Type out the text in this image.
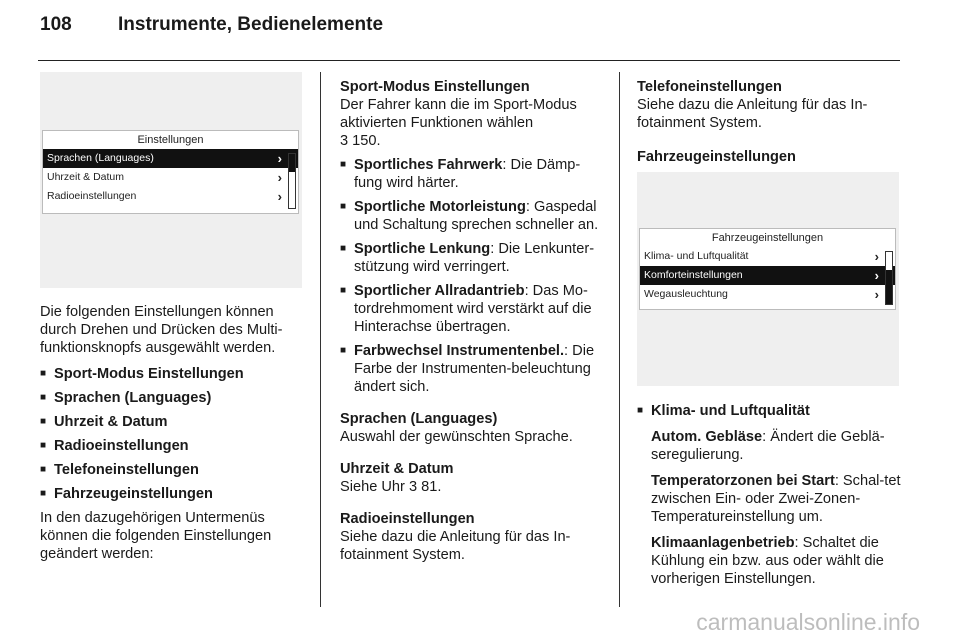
108 Instrumente, Bedienelemente
Einstellungen
Sprachen (Languages)	›
Uhrzeit & Datum	›
Radioeinstellungen	›

Die folgenden Einstellungen können durch Drehen und Drücken des Multi-funktionsknopfs ausgewählt werden.

■ Sport-Modus Einstellungen
■ Sprachen (Languages)
■ Uhrzeit & Datum
■ Radioeinstellungen
■ Telefoneinstellungen
■ Fahrzeugeinstellungen

In den dazugehörigen Untermenüs können die folgenden Einstellungen geändert werden:

Sport-Modus Einstellungen
Der Fahrer kann die im Sport-Modus aktivierten Funktionen wählen

3 150.

■ Sportliches Fahrwerk: Die Dämp-fung wird härter.
■ Sportliche Motorleistung: Gaspedal und Schaltung sprechen schneller an.
■ Sportliche Lenkung: Die Lenkunter-stützung wird verringert.
■ Sportlicher Allradantrieb: Das Mo-tordrehmoment wird verstärkt auf die Hinterachse übertragen.
■ Farbwechsel Instrumentenbel.: Die Farbe der Instrumenten-beleuchtung ändert sich.
Sprachen (Languages)

Auswahl der gewünschten Sprache.

Uhrzeit & Datum

Siehe Uhr 3 81.

Radioeinstellungen

Siehe dazu die Anleitung für das In-fotainment System.

Telefoneinstellungen

Siehe dazu die Anleitung für das In-fotainment System.

Fahrzeugeinstellungen
Fahrzeugeinstellungen
Klima- und Luftqualität	›
Komforteinstellungen	›
Wegausleuchtung	›
■ Klima- und Luftqualität
Autom. Gebläse: Ändert die Geblä-seregulierung.
Temperatorzonen bei Start: Schal-tet zwischen Ein- oder Zwei-Zonen-Temperatureinstellung um.
Klimaanlagenbetrieb: Schaltet die Kühlung ein bzw. aus oder wählt die vorherigen Einstellungen.
carmanualsonline.info
